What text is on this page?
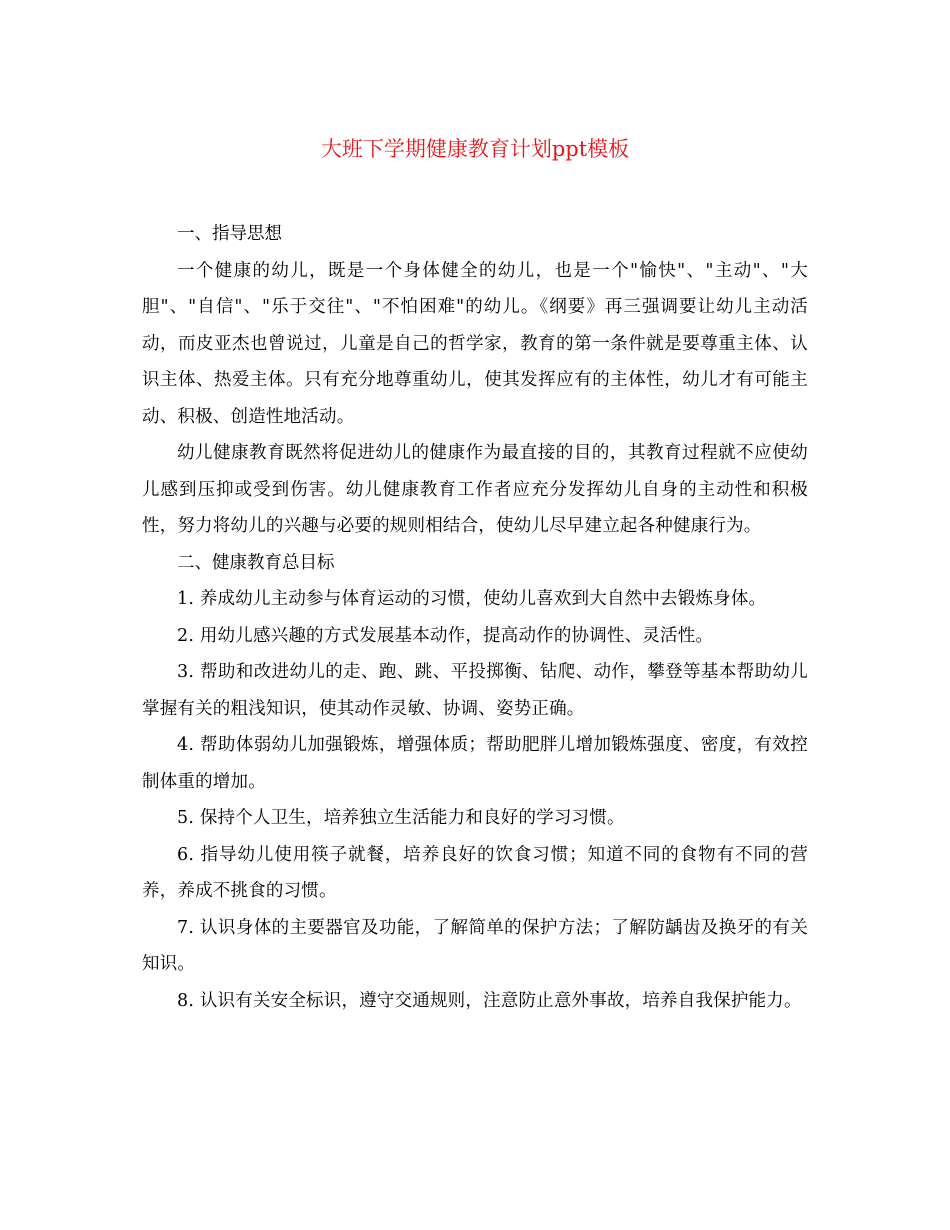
大班下学期健康教育计划ppt模板

一、指导思想

一个健康的幼儿，既是一个身体健全的幼儿，也是一个"愉快"、"主动"、"大胆"、"自信"、"乐于交往"、"不怕困难"的幼儿。《纲要》再三强调要让幼儿主动活动，而皮亚杰也曾说过，儿童是自己的哲学家，教育的第一条件就是要尊重主体、认识主体、热爱主体。只有充分地尊重幼儿，使其发挥应有的主体性，幼儿才有可能主动、积极、创造性地活动。

幼儿健康教育既然将促进幼儿的健康作为最直接的目的，其教育过程就不应使幼儿感到压抑或受到伤害。幼儿健康教育工作者应充分发挥幼儿自身的主动性和积极性，努力将幼儿的兴趣与必要的规则相结合，使幼儿尽早建立起各种健康行为。

二、健康教育总目标

1. 养成幼儿主动参与体育运动的习惯，使幼儿喜欢到大自然中去锻炼身体。

2. 用幼儿感兴趣的方式发展基本动作，提高动作的协调性、灵活性。

3. 帮助和改进幼儿的走、跑、跳、平投掷衡、钻爬、动作，攀登等基本帮助幼儿掌握有关的粗浅知识，使其动作灵敏、协调、姿势正确。

4. 帮助体弱幼儿加强锻炼，增强体质；帮助肥胖儿增加锻炼强度、密度，有效控制体重的增加。

5. 保持个人卫生，培养独立生活能力和良好的学习习惯。

6. 指导幼儿使用筷子就餐，培养良好的饮食习惯；知道不同的食物有不同的营养，养成不挑食的习惯。

7. 认识身体的主要器官及功能，了解简单的保护方法；了解防龋齿及换牙的有关知识。

8. 认识有关安全标识，遵守交通规则，注意防止意外事故，培养自我保护能力。
